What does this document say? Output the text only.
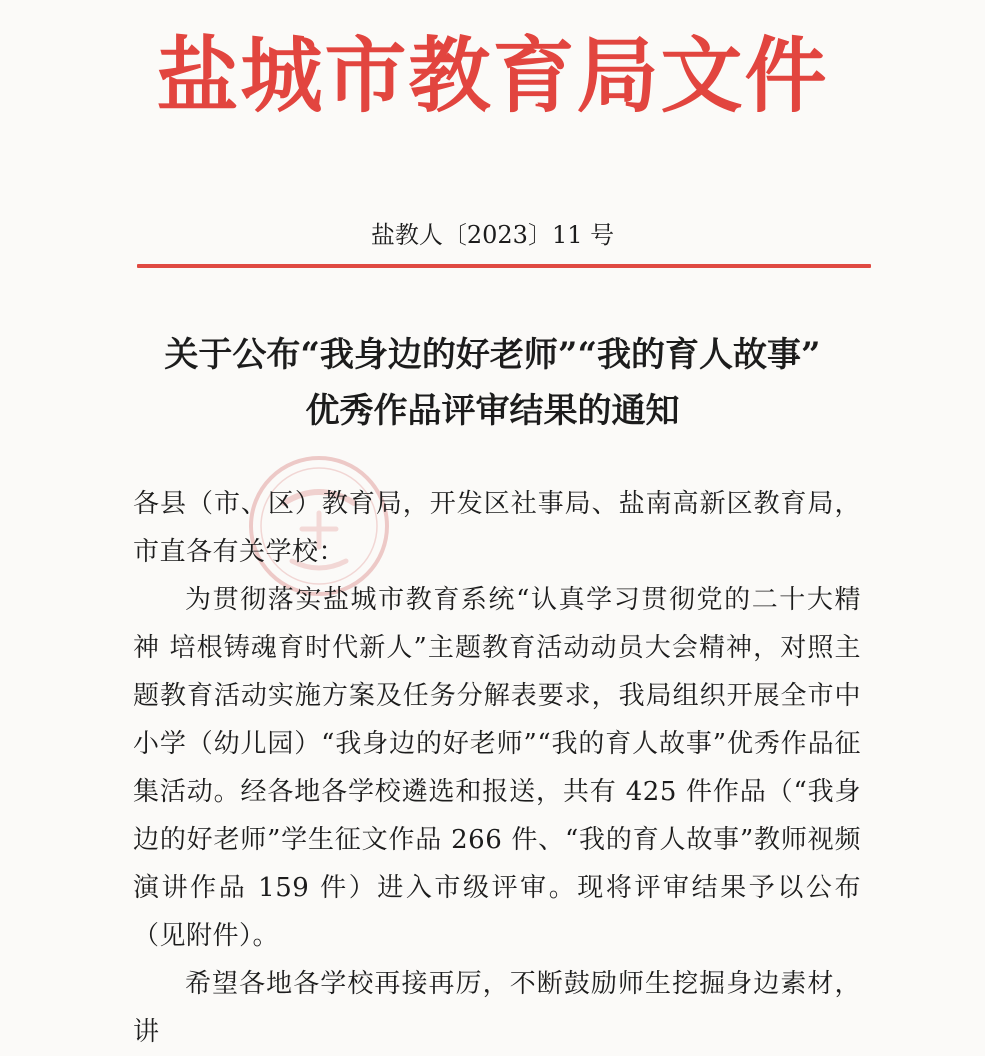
盐城市教育局文件
盐教人〔2023〕11 号
关于公布“我身边的好老师”“我的育人故事”
优秀作品评审结果的通知

各县（市、区）教育局，开发区社事局、盐南高新区教育局，市直各有关学校：

为贯彻落实盐城市教育系统“认真学习贯彻党的二十大精神 培根铸魂育时代新人”主题教育活动动员大会精神，对照主题教育活动实施方案及任务分解表要求，我局组织开展全市中小学（幼儿园）“我身边的好老师”“我的育人故事”优秀作品征集活动。经各地各学校遴选和报送，共有 425 件作品（“我身边的好老师”学生征文作品 266 件、“我的育人故事”教师视频演讲作品 159 件）进入市级评审。现将评审结果予以公布（见附件）。

希望各地各学校再接再厉，不断鼓励师生挖掘身边素材，讲
